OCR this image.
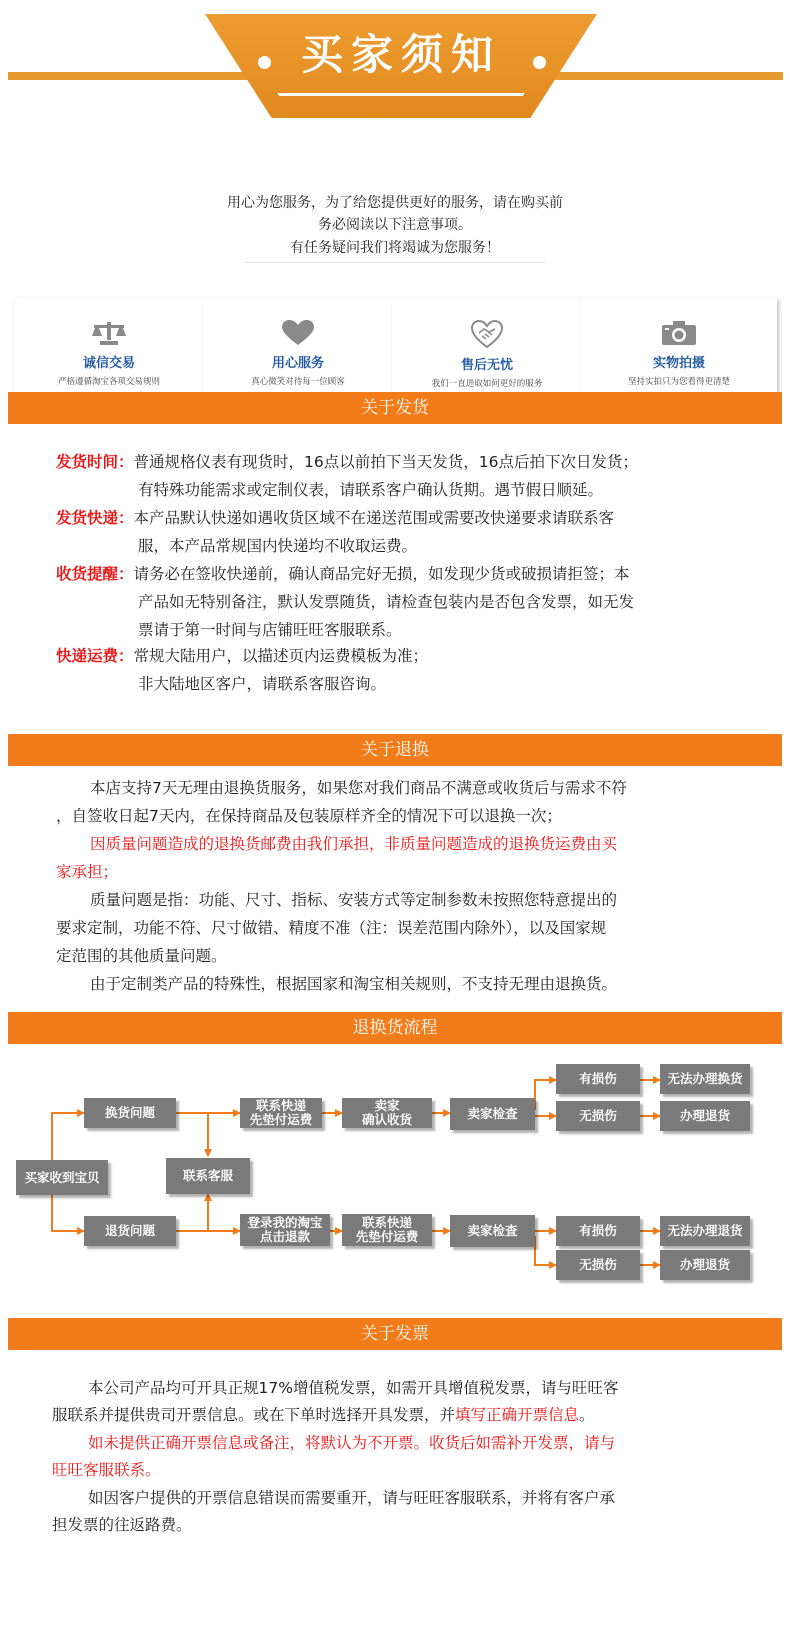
买家须知
用心为您服务，为了给您提供更好的服务，请在购买前
务必阅读以下注意事项。
有任务疑问我们将竭诚为您服务！
诚信交易
严格遵循淘宝各项交易规则
用心服务
真心微笑对待每一位顾客
售后无忧
我们一直进取如何更好的服务
实物拍摄
坚持实拍只为您看得更清楚
关于发货
发货时间：普通规格仪表有现货时，16点以前拍下当天发货，16点后拍下次日发货；
有特殊功能需求或定制仪表，请联系客户确认货期。遇节假日顺延。
发货快递：本产品默认快递如遇收货区域不在递送范围或需要改快递要求请联系客
服，本产品常规国内快递均不收取运费。
收货提醒：请务必在签收快递前，确认商品完好无损，如发现少货或破损请拒签；本
产品如无特别备注，默认发票随货，请检查包装内是否包含发票，如无发
票请于第一时间与店铺旺旺客服联系。
快递运费：常规大陆用户，以描述页内运费模板为准；
非大陆地区客户，请联系客服咨询。
关于退换
本店支持7天无理由退换货服务，如果您对我们商品不满意或收货后与需求不符
，自签收日起7天内，在保持商品及包装原样齐全的情况下可以退换一次；
因质量问题造成的退换货邮费由我们承担，非质量问题造成的退换货运费由买
家承担；
质量问题是指：功能、尺寸、指标、安装方式等定制参数未按照您特意提出的
要求定制，功能不符、尺寸做错、精度不准（注：误差范围内除外），以及国家规
定范围的其他质量问题。
由于定制类产品的特殊性，根据国家和淘宝相关规则，不支持无理由退换货。
退换货流程
买家收到宝贝	联系客服
换货问题
退货问题
联系快递
先垫付运费
卖家
确认收货	卖家检查
有损伤	无法办理换货
无损伤	办理退货
登录我的淘宝
点击退款
联系快递
先垫付运费	卖家检查	有损伤	无法办理退货
无损伤	办理退货
关于发票
本公司产品均可开具正规17%增值税发票，如需开具增值税发票，请与旺旺客
服联系并提供贵司开票信息。或在下单时选择开具发票，并填写正确开票信息。
如未提供正确开票信息或备注，将默认为不开票。收货后如需补开发票，请与
旺旺客服联系。
如因客户提供的开票信息错误而需要重开，请与旺旺客服联系，并将有客户承
担发票的往返路费。
